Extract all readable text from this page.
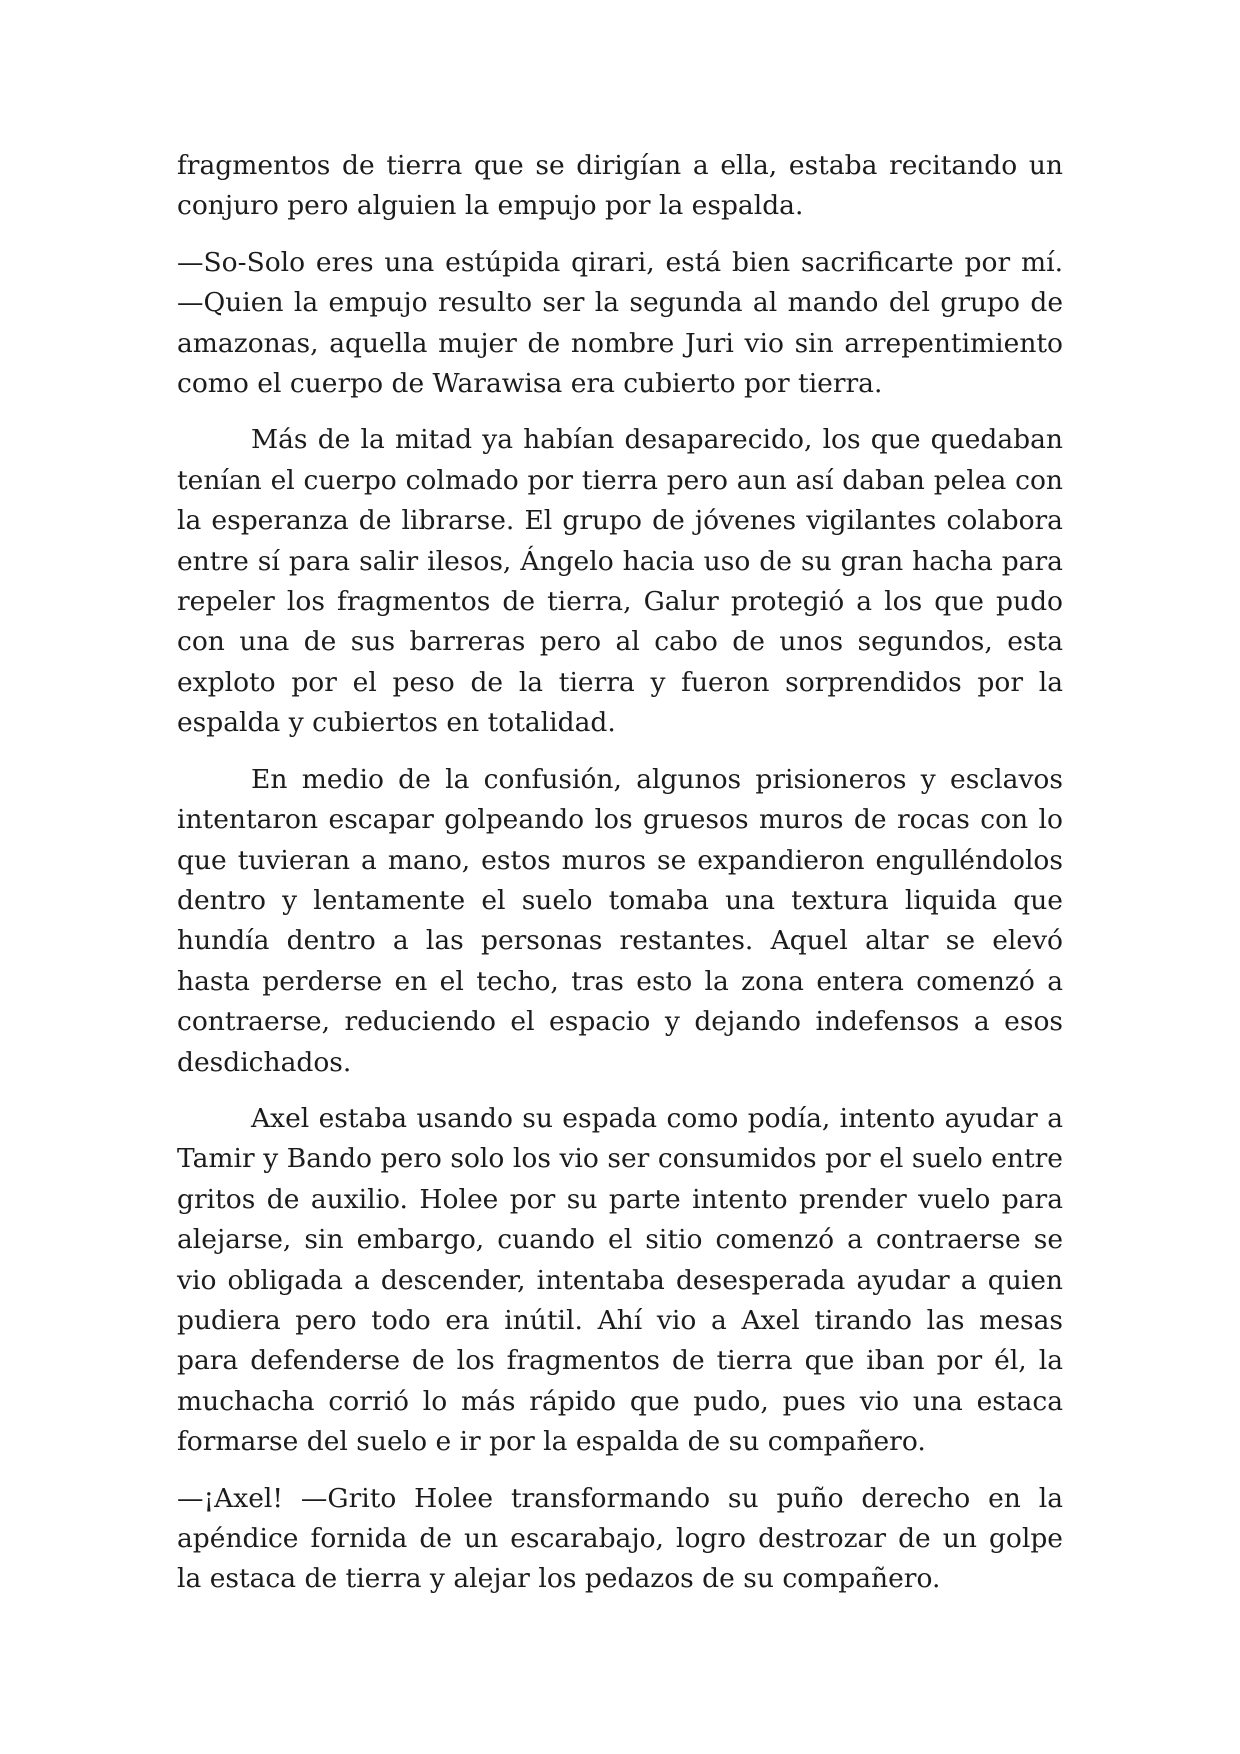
fragmentos de tierra que se dirigían a ella, estaba recitando un conjuro pero alguien la empujo por la espalda.

—So-Solo eres una estúpida qirari, está bien sacrificarte por mí. —Quien la empujo resulto ser la segunda al mando del grupo de amazonas, aquella mujer de nombre Juri vio sin arrepentimiento como el cuerpo de Warawisa era cubierto por tierra.

Más de la mitad ya habían desaparecido, los que quedaban tenían el cuerpo colmado por tierra pero aun así daban pelea con la esperanza de librarse. El grupo de jóvenes vigilantes colabora entre sí para salir ilesos, Ángelo hacia uso de su gran hacha para repeler los fragmentos de tierra, Galur protegió a los que pudo con una de sus barreras pero al cabo de unos segundos, esta exploto por el peso de la tierra y fueron sorprendidos por la espalda y cubiertos en totalidad.

En medio de la confusión, algunos prisioneros y esclavos intentaron escapar golpeando los gruesos muros de rocas con lo que tuvieran a mano, estos muros se expandieron engulléndolos dentro y lentamente el suelo tomaba una textura liquida que hundía dentro a las personas restantes. Aquel altar se elevó hasta perderse en el techo, tras esto la zona entera comenzó a contraerse, reduciendo el espacio y dejando indefensos a esos desdichados.

Axel estaba usando su espada como podía, intento ayudar a Tamir y Bando pero solo los vio ser consumidos por el suelo entre gritos de auxilio. Holee por su parte intento prender vuelo para alejarse, sin embargo, cuando el sitio comenzó a contraerse se vio obligada a descender, intentaba desesperada ayudar a quien pudiera pero todo era inútil. Ahí vio a Axel tirando las mesas para defenderse de los fragmentos de tierra que iban por él, la muchacha corrió lo más rápido que pudo, pues vio una estaca formarse del suelo e ir por la espalda de su compañero.

—¡Axel! —Grito Holee transformando su puño derecho en la apéndice fornida de un escarabajo, logro destrozar de un golpe la estaca de tierra y alejar los pedazos de su compañero.
